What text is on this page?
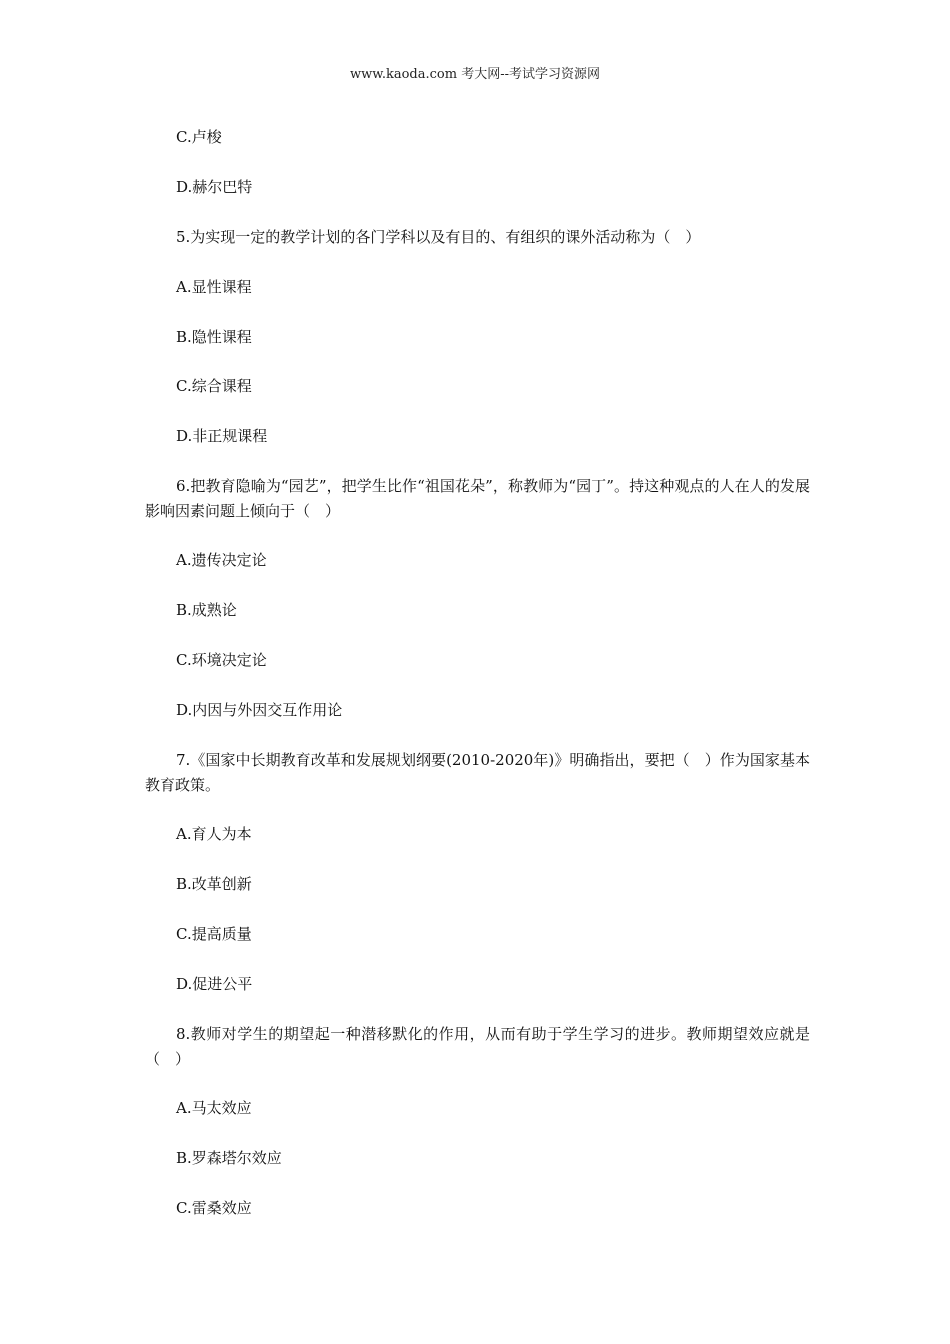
www.kaoda.com 考大网--考试学习资源网
C.卢梭
D.赫尔巴特
5.为实现一定的教学计划的各门学科以及有目的、有组织的课外活动称为（　）
A.显性课程
B.隐性课程
C.综合课程
D.非正规课程
6.把教育隐喻为“园艺”，把学生比作“祖国花朵”，称教师为“园丁”。持这种观点的人在人的发展影响因素问题上倾向于（　）
A.遗传决定论
B.成熟论
C.环境决定论
D.内因与外因交互作用论
7.《国家中长期教育改革和发展规划纲要(2010-2020年)》明确指出，要把（　）作为国家基本教育政策。
A.育人为本
B.改革创新
C.提高质量
D.促进公平
8.教师对学生的期望起一种潜移默化的作用，从而有助于学生学习的进步。教师期望效应就是（　）
A.马太效应
B.罗森塔尔效应
C.雷桑效应
